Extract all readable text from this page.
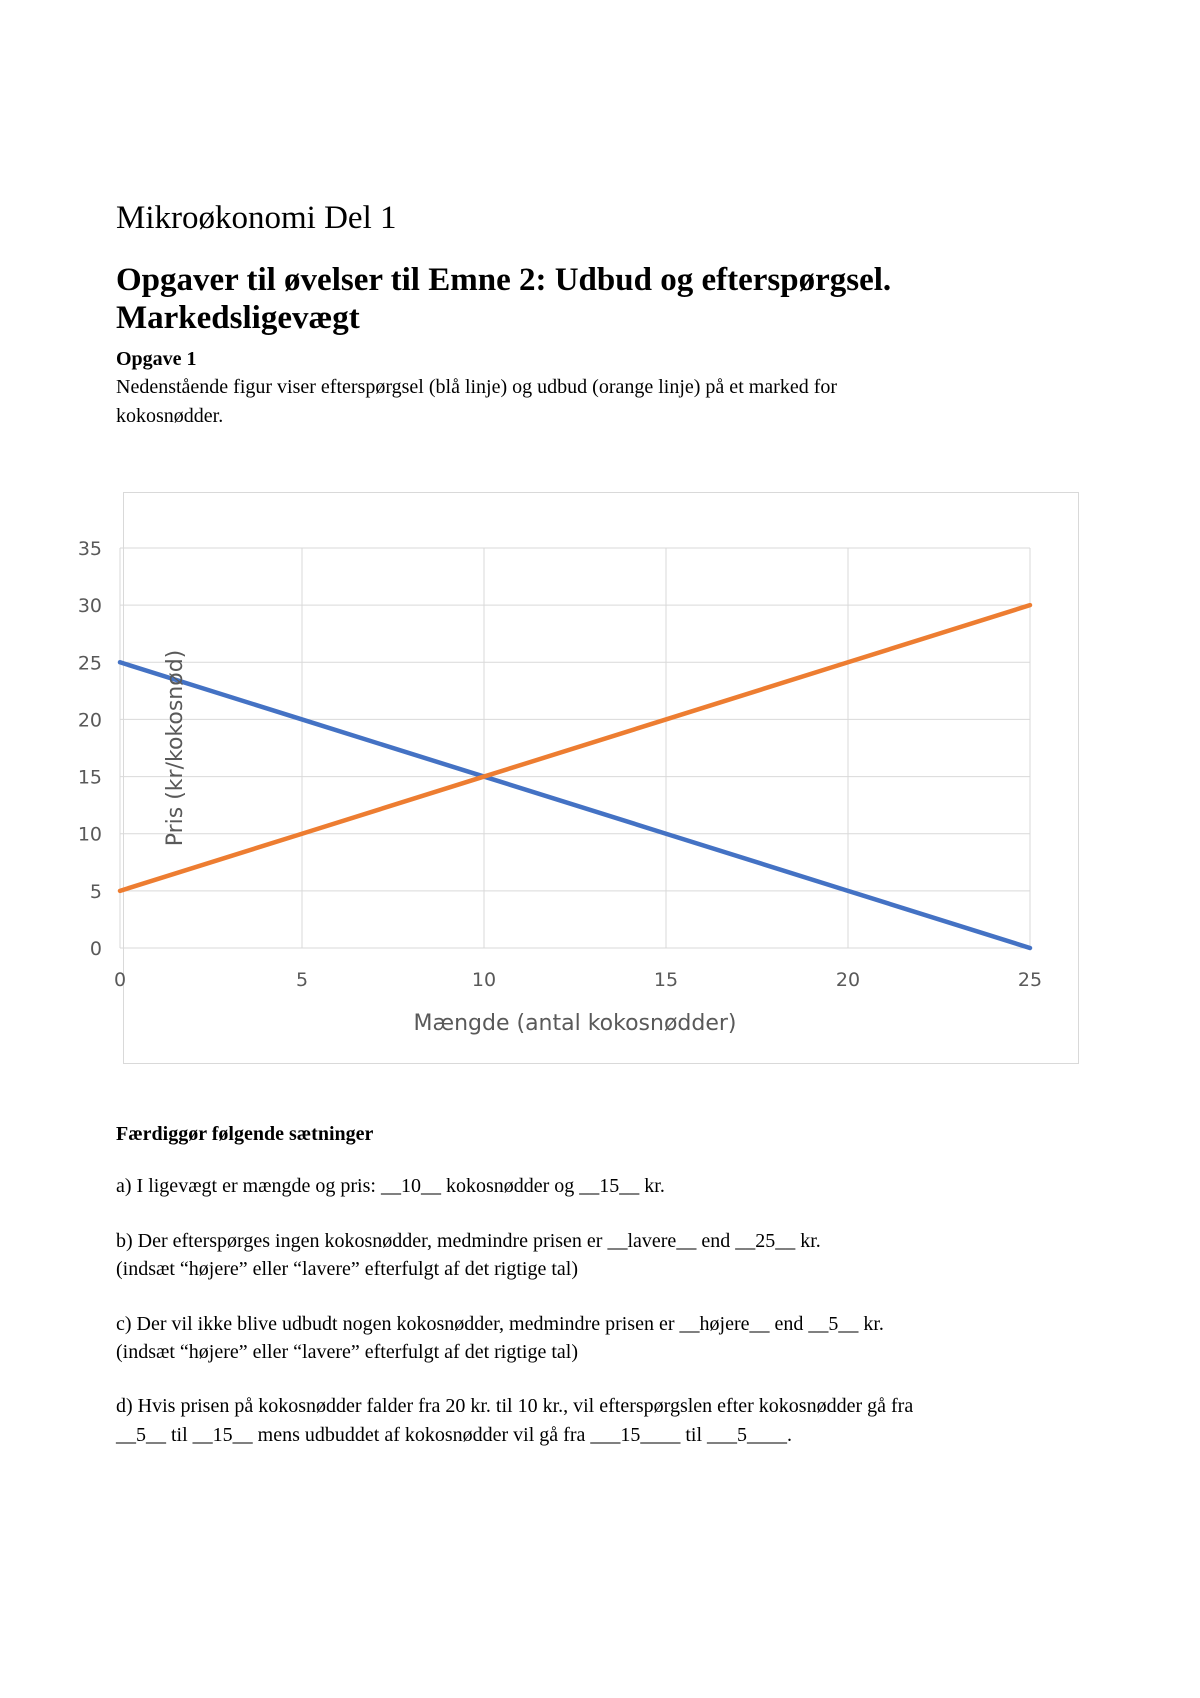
Mikroøkonomi Del 1
Opgaver til øvelser til Emne 2: Udbud og efterspørgsel.
Markedsligevægt

Opgave 1

Nedenstående figur viser efterspørgsel (blå linje) og udbud (orange linje) på et marked for

kokosnødder.

0
5
10
15
20
25
30
35
0	5	10	15	20	25
Mængde (antal kokosnødder)
Pris (kr/kokosnød)

Færdiggør følgende sætninger

a) I ligevægt er mængde og pris: __10__ kokosnødder og __15__ kr.

b) Der efterspørges ingen kokosnødder, medmindre prisen er __lavere__ end __25__ kr.

(indsæt “højere” eller “lavere” efterfulgt af det rigtige tal)

c) Der vil ikke blive udbudt nogen kokosnødder, medmindre prisen er __højere__ end __5__ kr.

(indsæt “højere” eller “lavere” efterfulgt af det rigtige tal)

d) Hvis prisen på kokosnødder falder fra 20 kr. til 10 kr., vil efterspørgslen efter kokosnødder gå fra

__5__ til __15__ mens udbuddet af kokosnødder vil gå fra ___15____ til ___5____.
